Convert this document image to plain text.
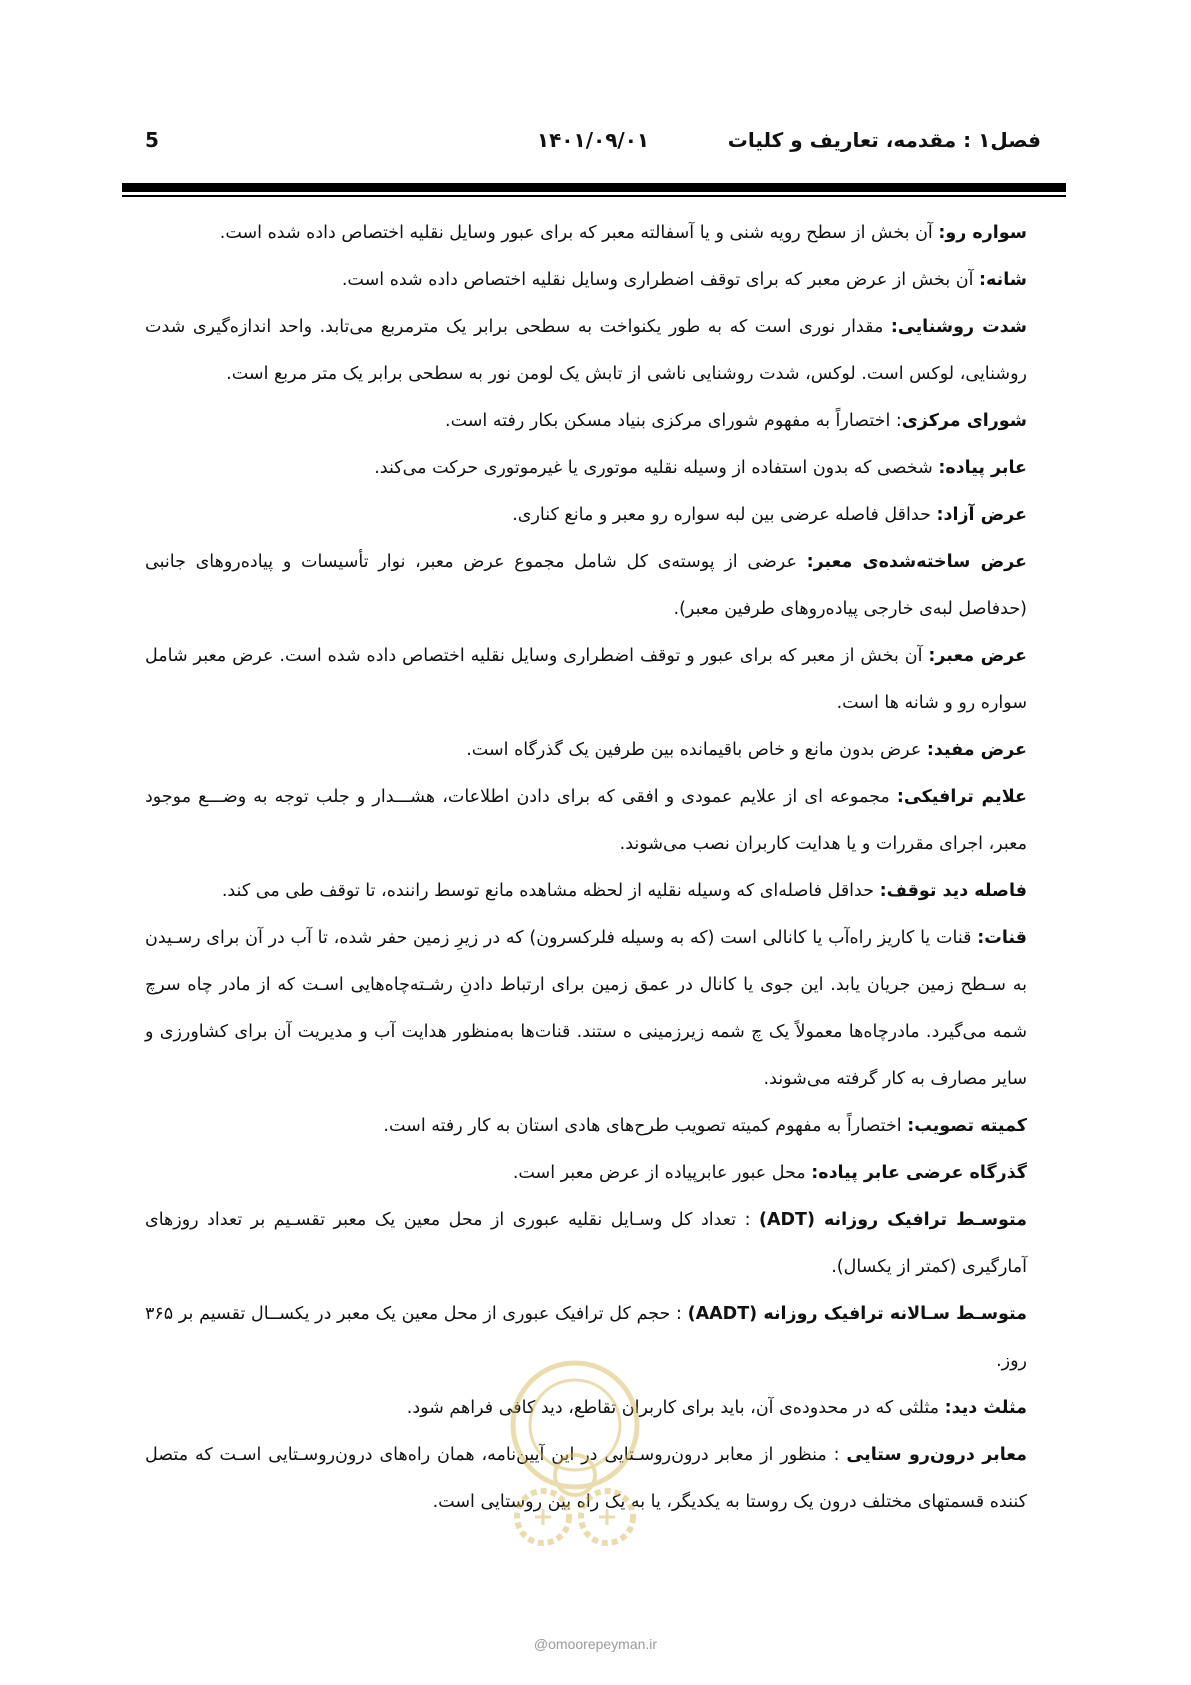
فصل۱ : مقدمه، تعاریف و کلیات
۱۴۰۱/۰۹/۰۱
5

سواره رو: آن بخش از سطح رویه شنی و یا آسفالته معبر که برای عبور وسایل نقلیه اختصاص داده شده است.

شانه: آن بخش از عرض معبر که برای توقف اضطراری وسایل نقلیه اختصاص داده شده است.

شدت روشنایی: مقدار نوری است که به طور یکنواخت به سطحی برابر یک مترمربع می‌تابد. واحد اندازه‌گیری شدت روشنایی، لوکس است. لوکس، شدت روشنایی ناشی از تابش یک لومن نور به سطحی برابر یک متر مربع است.

شورای مرکزی: اختصاراً به مفهوم شورای مرکزی بنیاد مسکن بکار رفته است.

عابر پیاده: شخصی که بدون استفاده از وسیله نقلیه موتوری یا غیرموتوری حرکت می‌کند.

عرض آزاد: حداقل فاصله عرضی بین لبه سواره رو معبر و مانع کناری.

عرض ساخته‌شده‌ی معبر: عرضی از پوسته‌ی کل شامل مجموع عرض معبر، نوار تأسیسات و پیاده‌روهای جانبی (حدفاصل لبه‌ی خارجی پیاده‌روهای طرفین معبر).

عرض معبر: آن بخش از معبر که برای عبور و توقف اضطراری وسایل نقلیه اختصاص داده شده است. عرض معبر شامل سواره رو و شانه ها است.

عرض مفید: عرض بدون مانع و خاص باقیمانده بین طرفین یک گذرگاه است.

علایم ترافیکی: مجموعه ای از علایم عمودی و افقی که برای دادن اطلاعات، هشـــدار و جلب توجه به وضـــع موجود معبر، اجرای مقررات و یا هدایت کاربران نصب می‌شوند.

فاصله دید توقف: حداقل فاصله‌ای که وسیله نقلیه از لحظه مشاهده مانع توسط راننده، تا توقف طی می کند.

قنات: قنات یا کاریز راه‌آب یا کانالی است (که به وسیله فلرکسرون) که در زیرِ زمین حفر شده، تا آب در آن برای رسـیدن به سـطح زمین جریان یابد. این جوی یا کانال در عمق زمین برای ارتباط دادنِ رشـته‌چاه‌هایی اسـت که از مادر چاه سرچ شمه می‌گیرد. مادرچاه‌ها معمولاً یک چ شمه زیرزمینی ه ستند. قنات‌ها به‌منظور هدایت آب و مدیریت آن برای کشاورزی و سایر مصارف به کار گرفته می‌شوند.

کمیته تصویب: اختصاراً به مفهوم کمیته تصویب طرح‌های هادی استان به کار رفته است.

گذرگاه عرضی عابر پیاده: محل عبور عابرپیاده از عرض معبر است.

متوسـط ترافیک روزانه (ADT) : تعداد کل وسـایل نقلیه عبوری از محل معین یک معبر تقسـیم بر تعداد روزهای آمارگیری (کمتر از یکسال).

متوسـط سـالانه ترافیک روزانه (AADT) : حجم کل ترافیک عبوری از محل معین یک معبر در یکســال تقسیم بر ۳۶۵ روز.

مثلث دید: مثلثی که در محدوده‌ی آن، باید برای کاربران تقاطع، دید کافی فراهم شود.

معابر درون‌رو ستایی : منظور از معابر درون‌روسـتایی در این آیین‌نامه، همان راه‌های درون‌روسـتایی اسـت که متصل کننده قسمتهای مختلف درون یک روستا به یکدیگر، یا به یک راه بین روستایی است.

@omoorepeyman.ir
